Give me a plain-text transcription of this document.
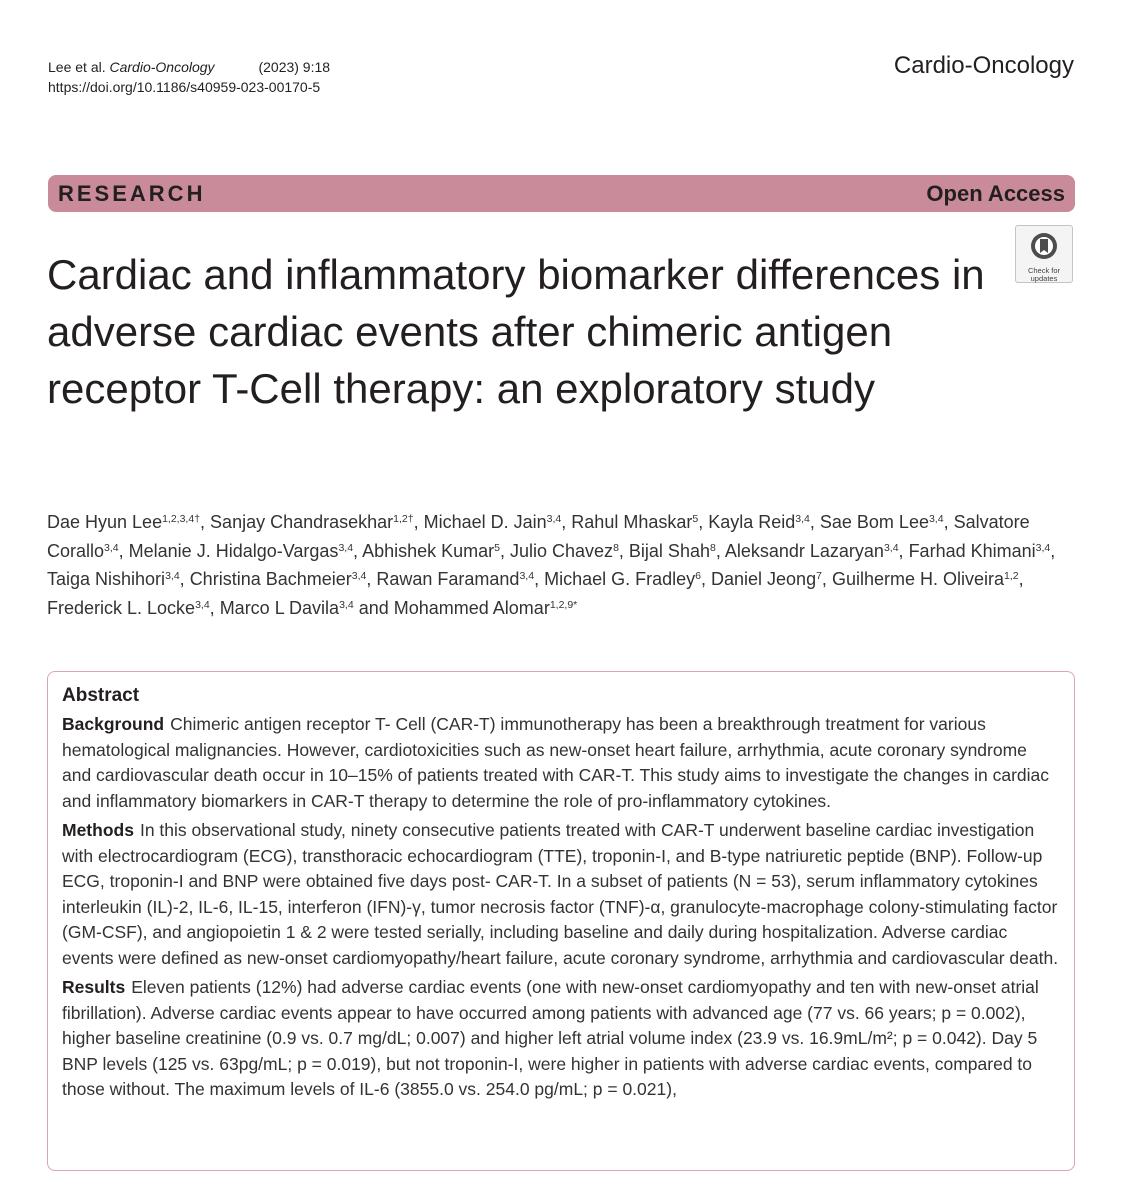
Lee et al. Cardio-Oncology	(2023) 9:18
https://doi.org/10.1186/s40959-023-00170-5
Cardio-Oncology
RESEARCH	Open Access
Check for
updates
Cardiac and inflammatory biomarker differences in adverse cardiac events after chimeric antigen receptor T-Cell therapy: an exploratory study
Dae Hyun Lee$^{1,2,3,4\dagger}$, Sanjay Chandrasekhar$^{1,2\dagger}$, Michael D. Jain$^{3,4}$, Rahul Mhaskar$^5$, Kayla Reid$^{3,4}$, Sae Bom Lee$^{3,4}$, Salvatore Corallo$^{3,4}$, Melanie J. Hidalgo-Vargas$^{3,4}$, Abhishek Kumar$^5$, Julio Chavez$^8$, Bijal Shah$^8$, Aleksandr Lazaryan$^{3,4}$, Farhad Khimani$^{3,4}$, Taiga Nishihori$^{3,4}$, Christina Bachmeier$^{3,4}$, Rawan Faramand$^{3,4}$, Michael G. Fradley$^6$, Daniel Jeong$^7$, Guilherme H. Oliveira$^{1,2}$, Frederick L. Locke$^{3,4}$, Marco L Davila$^{3,4}$ and Mohammed Alomar$^{1,2,9*}$
Abstract

Background Chimeric antigen receptor T- Cell (CAR-T) immunotherapy has been a breakthrough treatment for various hematological malignancies. However, cardiotoxicities such as new-onset heart failure, arrhythmia, acute coronary syndrome and cardiovascular death occur in 10–15% of patients treated with CAR-T. This study aims to investigate the changes in cardiac and inflammatory biomarkers in CAR-T therapy to determine the role of pro-inflammatory cytokines.

Methods In this observational study, ninety consecutive patients treated with CAR-T underwent baseline cardiac investigation with electrocardiogram (ECG), transthoracic echocardiogram (TTE), troponin-I, and B-type natriuretic peptide (BNP). Follow-up ECG, troponin-I and BNP were obtained five days post- CAR-T. In a subset of patients (N = 53), serum inflammatory cytokines interleukin (IL)-2, IL-6, IL-15, interferon (IFN)-γ, tumor necrosis factor (TNF)-α, granulocyte-macrophage colony-stimulating factor (GM-CSF), and angiopoietin 1 & 2 were tested serially, including baseline and daily during hospitalization. Adverse cardiac events were defined as new-onset cardiomyopathy/heart failure, acute coronary syndrome, arrhythmia and cardiovascular death.

Results Eleven patients (12%) had adverse cardiac events (one with new-onset cardiomyopathy and ten with new-onset atrial fibrillation). Adverse cardiac events appear to have occurred among patients with advanced age (77 vs. 66 years; p = 0.002), higher baseline creatinine (0.9 vs. 0.7 mg/dL; 0.007) and higher left atrial volume index (23.9 vs. 16.9mL/m²; p = 0.042). Day 5 BNP levels (125 vs. 63pg/mL; p = 0.019), but not troponin-I, were higher in patients with adverse cardiac events, compared to those without. The maximum levels of IL-6 (3855.0 vs. 254.0 pg/mL; p = 0.021),
